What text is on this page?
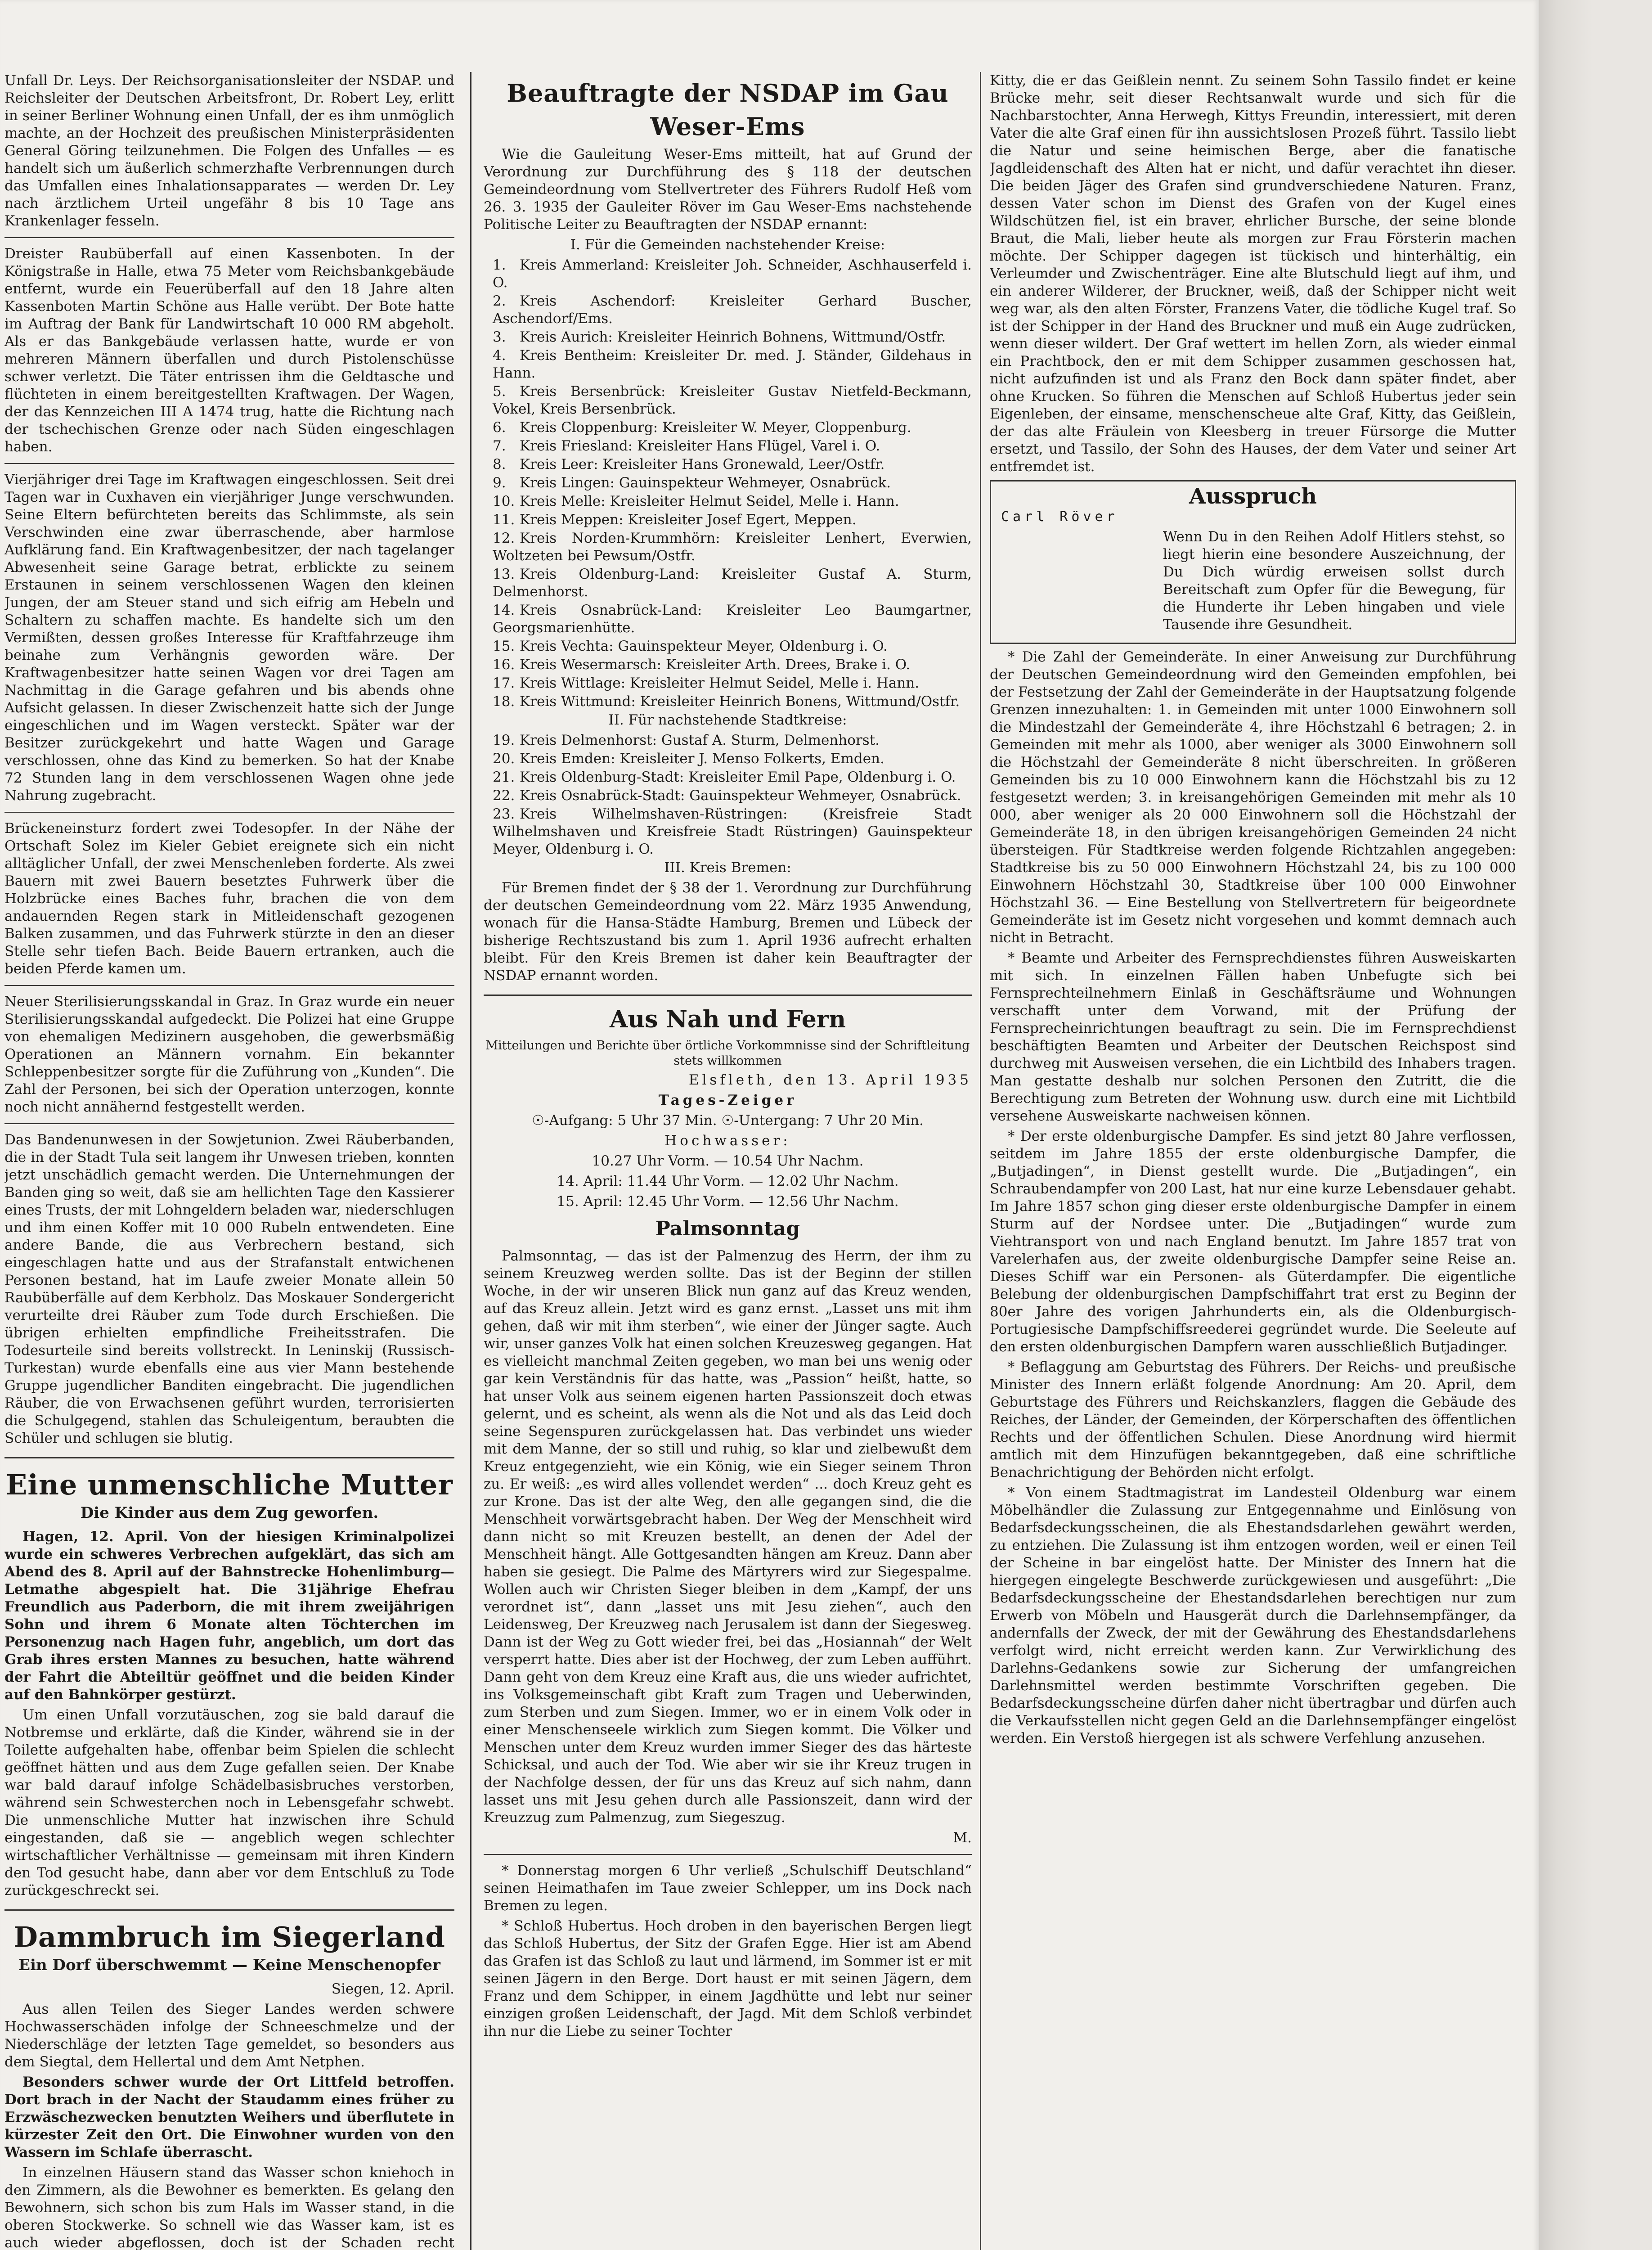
Unfall Dr. Leys. Der Reichsorganisationsleiter der NSDAP. und Reichsleiter der Deutschen Arbeitsfront, Dr. Robert Ley, erlitt in seiner Berliner Wohnung einen Unfall, der es ihm unmöglich machte, an der Hochzeit des preußischen Ministerpräsidenten General Göring teilzunehmen. Die Folgen des Unfalles — es handelt sich um äußerlich schmerzhafte Verbrennungen durch das Umfallen eines Inhalationsapparates — werden Dr. Ley nach ärztlichem Urteil ungefähr 8 bis 10 Tage ans Krankenlager fesseln.

Dreister Raubüberfall auf einen Kassenboten. In der Königstraße in Halle, etwa 75 Meter vom Reichsbankgebäude entfernt, wurde ein Feuerüberfall auf den 18 Jahre alten Kassenboten Martin Schöne aus Halle verübt. Der Bote hatte im Auftrag der Bank für Landwirtschaft 10 000 RM abgeholt. Als er das Bankgebäude verlassen hatte, wurde er von mehreren Männern überfallen und durch Pistolenschüsse schwer verletzt. Die Täter entrissen ihm die Geldtasche und flüchteten in einem bereitgestellten Kraftwagen. Der Wagen, der das Kennzeichen III A 1474 trug, hatte die Richtung nach der tschechischen Grenze oder nach Süden eingeschlagen haben.

Vierjähriger drei Tage im Kraftwagen eingeschlossen. Seit drei Tagen war in Cuxhaven ein vierjähriger Junge verschwunden. Seine Eltern befürchteten bereits das Schlimmste, als sein Verschwinden eine zwar überraschende, aber harmlose Aufklärung fand. Ein Kraftwagenbesitzer, der nach tagelanger Abwesenheit seine Garage betrat, erblickte zu seinem Erstaunen in seinem verschlossenen Wagen den kleinen Jungen, der am Steuer stand und sich eifrig am Hebeln und Schaltern zu schaffen machte. Es handelte sich um den Vermißten, dessen großes Interesse für Kraftfahrzeuge ihm beinahe zum Verhängnis geworden wäre. Der Kraftwagenbesitzer hatte seinen Wagen vor drei Tagen am Nachmittag in die Garage gefahren und bis abends ohne Aufsicht gelassen. In dieser Zwischenzeit hatte sich der Junge eingeschlichen und im Wagen versteckt. Später war der Besitzer zurückgekehrt und hatte Wagen und Garage verschlossen, ohne das Kind zu bemerken. So hat der Knabe 72 Stunden lang in dem verschlossenen Wagen ohne jede Nahrung zugebracht.

Brückeneinsturz fordert zwei Todesopfer. In der Nähe der Ortschaft Solez im Kieler Gebiet ereignete sich ein nicht alltäglicher Unfall, der zwei Menschenleben forderte. Als zwei Bauern mit zwei Bauern besetztes Fuhrwerk über die Holzbrücke eines Baches fuhr, brachen die von dem andauernden Regen stark in Mitleidenschaft gezogenen Balken zusammen, und das Fuhrwerk stürzte in den an dieser Stelle sehr tiefen Bach. Beide Bauern ertranken, auch die beiden Pferde kamen um.

Neuer Sterilisierungsskandal in Graz. In Graz wurde ein neuer Sterilisierungsskandal aufgedeckt. Die Polizei hat eine Gruppe von ehemaligen Medizinern ausgehoben, die gewerbsmäßig Operationen an Männern vornahm. Ein bekannter Schleppenbesitzer sorgte für die Zuführung von „Kunden“. Die Zahl der Personen, bei sich der Operation unterzogen, konnte noch nicht annähernd festgestellt werden.

Das Bandenunwesen in der Sowjetunion. Zwei Räuberbanden, die in der Stadt Tula seit langem ihr Unwesen trieben, konnten jetzt unschädlich gemacht werden. Die Unternehmungen der Banden ging so weit, daß sie am hellichten Tage den Kassierer eines Trusts, der mit Lohngeldern beladen war, niederschlugen und ihm einen Koffer mit 10 000 Rubeln entwendeten. Eine andere Bande, die aus Verbrechern bestand, sich eingeschlagen hatte und aus der Strafanstalt entwichenen Personen bestand, hat im Laufe zweier Monate allein 50 Raubüberfälle auf dem Kerbholz. Das Moskauer Sondergericht verurteilte drei Räuber zum Tode durch Erschießen. Die übrigen erhielten empfindliche Freiheitsstrafen. Die Todesurteile sind bereits vollstreckt. In Leninskij (Russisch-Turkestan) wurde ebenfalls eine aus vier Mann bestehende Gruppe jugendlicher Banditen eingebracht. Die jugendlichen Räuber, die von Erwachsenen geführt wurden, terrorisierten die Schulgegend, stahlen das Schuleigentum, beraubten die Schüler und schlugen sie blutig.

Eine unmenschliche Mutter
Die Kinder aus dem Zug geworfen.

Hagen, 12. April. Von der hiesigen Kriminalpolizei wurde ein schweres Verbrechen aufgeklärt, das sich am Abend des 8. April auf der Bahnstrecke Hohenlimburg—Letmathe abgespielt hat. Die 31jährige Ehefrau Freundlich aus Paderborn, die mit ihrem zweijährigen Sohn und ihrem 6 Monate alten Töchterchen im Personenzug nach Hagen fuhr, angeblich, um dort das Grab ihres ersten Mannes zu besuchen, hatte während der Fahrt die Abteiltür geöffnet und die beiden Kinder auf den Bahnkörper gestürzt.

Um einen Unfall vorzutäuschen, zog sie bald darauf die Notbremse und erklärte, daß die Kinder, während sie in der Toilette aufgehalten habe, offenbar beim Spielen die schlecht geöffnet hätten und aus dem Zuge gefallen seien. Der Knabe war bald darauf infolge Schädelbasisbruches verstorben, während sein Schwesterchen noch in Lebensgefahr schwebt. Die unmenschliche Mutter hat inzwischen ihre Schuld eingestanden, daß sie — angeblich wegen schlechter wirtschaftlicher Verhältnisse — gemeinsam mit ihren Kindern den Tod gesucht habe, dann aber vor dem Entschluß zu Tode zurückgeschreckt sei.

Dammbruch im Siegerland
Ein Dorf überschwemmt — Keine Menschenopfer

Siegen, 12. April.

Aus allen Teilen des Sieger Landes werden schwere Hochwasserschäden infolge der Schneeschmelze und der Niederschläge der letzten Tage gemeldet, so besonders aus dem Siegtal, dem Hellertal und dem Amt Netphen.

Besonders schwer wurde der Ort Littfeld betroffen. Dort brach in der Nacht der Staudamm eines früher zu Erzwäschezwecken benutzten Weihers und überflutete in kürzester Zeit den Ort. Die Einwohner wurden von den Wassern im Schlafe überrascht.

In einzelnen Häusern stand das Wasser schon kniehoch in den Zimmern, als die Bewohner es bemerkten. Es gelang den Bewohnern, sich schon bis zum Hals im Wasser stand, in die oberen Stockwerke. So schnell wie das Wasser kam, ist es auch wieder abgeflossen, doch ist der Schaden recht

Beauftragte der NSDAP im Gau Weser-Ems

Wie die Gauleitung Weser-Ems mitteilt, hat auf Grund der Verordnung zur Durchführung des § 118 der deutschen Gemeindeordnung vom Stellvertreter des Führers Rudolf Heß vom 26. 3. 1935 der Gauleiter Röver im Gau Weser-Ems nachstehende Politische Leiter zu Beauftragten der NSDAP ernannt:

I. Für die Gemeinden nachstehender Kreise:

1. Kreis Ammerland: Kreisleiter Joh. Schneider, Aschhauserfeld i. O.

2. Kreis Aschendorf: Kreisleiter Gerhard Buscher, Aschendorf/Ems.

3. Kreis Aurich: Kreisleiter Heinrich Bohnens, Wittmund/Ostfr.

4. Kreis Bentheim: Kreisleiter Dr. med. J. Ständer, Gildehaus in Hann.

5. Kreis Bersenbrück: Kreisleiter Gustav Nietfeld-Beckmann, Vokel, Kreis Bersenbrück.

6. Kreis Cloppenburg: Kreisleiter W. Meyer, Cloppenburg.

7. Kreis Friesland: Kreisleiter Hans Flügel, Varel i. O.

8. Kreis Leer: Kreisleiter Hans Gronewald, Leer/Ostfr.

9. Kreis Lingen: Gauinspekteur Wehmeyer, Osnabrück.

10. Kreis Melle: Kreisleiter Helmut Seidel, Melle i. Hann.

11. Kreis Meppen: Kreisleiter Josef Egert, Meppen.

12. Kreis Norden-Krummhörn: Kreisleiter Lenhert, Everwien, Woltzeten bei Pewsum/Ostfr.

13. Kreis Oldenburg-Land: Kreisleiter Gustaf A. Sturm, Delmenhorst.

14. Kreis Osnabrück-Land: Kreisleiter Leo Baumgartner, Georgsmarienhütte.

15. Kreis Vechta: Gauinspekteur Meyer, Oldenburg i. O.

16. Kreis Wesermarsch: Kreisleiter Arth. Drees, Brake i. O.

17. Kreis Wittlage: Kreisleiter Helmut Seidel, Melle i. Hann.

18. Kreis Wittmund: Kreisleiter Heinrich Bonens, Wittmund/Ostfr.

II. Für nachstehende Stadtkreise:

19. Kreis Delmenhorst: Gustaf A. Sturm, Delmenhorst.

20. Kreis Emden: Kreisleiter J. Menso Folkerts, Emden.

21. Kreis Oldenburg-Stadt: Kreisleiter Emil Pape, Oldenburg i. O.

22. Kreis Osnabrück-Stadt: Gauinspekteur Wehmeyer, Osnabrück.

23. Kreis Wilhelmshaven-Rüstringen: (Kreisfreie Stadt Wilhelmshaven und Kreisfreie Stadt Rüstringen) Gauinspekteur Meyer, Oldenburg i. O.

III. Kreis Bremen:

Für Bremen findet der § 38 der 1. Verordnung zur Durchführung der deutschen Gemeindeordnung vom 22. März 1935 Anwendung, wonach für die Hansa-Städte Hamburg, Bremen und Lübeck der bisherige Rechtszustand bis zum 1. April 1936 aufrecht erhalten bleibt. Für den Kreis Bremen ist daher kein Beauftragter der NSDAP ernannt worden.

Aus Nah und Fern

Mitteilungen und Berichte über örtliche Vorkommnisse sind der Schriftleitung stets willkommen

Elsfleth, den 13. April 1935

Tages-Zeiger

☉-Aufgang: 5 Uhr 37 Min. ☉-Untergang: 7 Uhr 20 Min.

Hochwasser:

10.27 Uhr Vorm. — 10.54 Uhr Nachm.

14. April: 11.44 Uhr Vorm. — 12.02 Uhr Nachm.

15. April: 12.45 Uhr Vorm. — 12.56 Uhr Nachm.

Palmsonntag

Palmsonntag, — das ist der Palmenzug des Herrn, der ihm zu seinem Kreuzweg werden sollte. Das ist der Beginn der stillen Woche, in der wir unseren Blick nun ganz auf das Kreuz wenden, auf das Kreuz allein. Jetzt wird es ganz ernst. „Lasset uns mit ihm gehen, daß wir mit ihm sterben“, wie einer der Jünger sagte. Auch wir, unser ganzes Volk hat einen solchen Kreuzesweg gegangen. Hat es vielleicht manchmal Zeiten gegeben, wo man bei uns wenig oder gar kein Verständnis für das hatte, was „Passion“ heißt, hatte, so hat unser Volk aus seinem eigenen harten Passionszeit doch etwas gelernt, und es scheint, als wenn als die Not und als das Leid doch seine Segenspuren zurückgelassen hat. Das verbindet uns wieder mit dem Manne, der so still und ruhig, so klar und zielbewußt dem Kreuz entgegenzieht, wie ein König, wie ein Sieger seinem Thron zu. Er weiß: „es wird alles vollendet werden“ ... doch Kreuz geht es zur Krone. Das ist der alte Weg, den alle gegangen sind, die die Menschheit vorwärtsgebracht haben. Der Weg der Menschheit wird dann nicht so mit Kreuzen bestellt, an denen der Adel der Menschheit hängt. Alle Gottgesandten hängen am Kreuz. Dann aber haben sie gesiegt. Die Palme des Märtyrers wird zur Siegespalme. Wollen auch wir Christen Sieger bleiben in dem „Kampf, der uns verordnet ist“, dann „lasset uns mit Jesu ziehen“, auch den Leidensweg, Der Kreuzweg nach Jerusalem ist dann der Siegesweg. Dann ist der Weg zu Gott wieder frei, bei das „Hosiannah“ der Welt versperrt hatte. Dies aber ist der Hochweg, der zum Leben aufführt. Dann geht von dem Kreuz eine Kraft aus, die uns wieder aufrichtet, ins Volksgemeinschaft gibt Kraft zum Tragen und Ueberwinden, zum Sterben und zum Siegen. Immer, wo er in einem Volk oder in einer Menschenseele wirklich zum Siegen kommt. Die Völker und Menschen unter dem Kreuz wurden immer Sieger des das härteste Schicksal, und auch der Tod. Wie aber wir sie ihr Kreuz trugen in der Nachfolge dessen, der für uns das Kreuz auf sich nahm, dann lasset uns mit Jesu gehen durch alle Passionszeit, dann wird der Kreuzzug zum Palmenzug, zum Siegeszug.

M.

* Donnerstag morgen 6 Uhr verließ „Schulschiff Deutschland“ seinen Heimathafen im Taue zweier Schlepper, um ins Dock nach Bremen zu legen.

* Schloß Hubertus. Hoch droben in den bayerischen Bergen liegt das Schloß Hubertus, der Sitz der Grafen Egge. Hier ist am Abend das Grafen ist das Schloß zu laut und lärmend, im Sommer ist er mit seinen Jägern in den Berge. Dort haust er mit seinen Jägern, dem Franz und dem Schipper, in einem Jagdhütte und lebt nur seiner einzigen großen Leidenschaft, der Jagd. Mit dem Schloß verbindet ihn nur die Liebe zu seiner Tochter

Kitty, die er das Geißlein nennt. Zu seinem Sohn Tassilo findet er keine Brücke mehr, seit dieser Rechtsanwalt wurde und sich für die Nachbarstochter, Anna Herwegh, Kittys Freundin, interessiert, mit deren Vater die alte Graf einen für ihn aussichtslosen Prozeß führt. Tassilo liebt die Natur und seine heimischen Berge, aber die fanatische Jagdleidenschaft des Alten hat er nicht, und dafür verachtet ihn dieser. Die beiden Jäger des Grafen sind grundverschiedene Naturen. Franz, dessen Vater schon im Dienst des Grafen von der Kugel eines Wildschützen fiel, ist ein braver, ehrlicher Bursche, der seine blonde Braut, die Mali, lieber heute als morgen zur Frau Försterin machen möchte. Der Schipper dagegen ist tückisch und hinterhältig, ein Verleumder und Zwischenträger. Eine alte Blutschuld liegt auf ihm, und ein anderer Wilderer, der Bruckner, weiß, daß der Schipper nicht weit weg war, als den alten Förster, Franzens Vater, die tödliche Kugel traf. So ist der Schipper in der Hand des Bruckner und muß ein Auge zudrücken, wenn dieser wildert. Der Graf wettert im hellen Zorn, als wieder einmal ein Prachtbock, den er mit dem Schipper zusammen geschossen hat, nicht aufzufinden ist und als Franz den Bock dann später findet, aber ohne Krucken. So führen die Menschen auf Schloß Hubertus jeder sein Eigenleben, der einsame, menschenscheue alte Graf, Kitty, das Geißlein, der das alte Fräulein von Kleesberg in treuer Fürsorge die Mutter ersetzt, und Tassilo, der Sohn des Hauses, der dem Vater und seiner Art entfremdet ist.

Ausspruch

Carl Röver

Wenn Du in den Reihen Adolf Hitlers stehst, so liegt hierin eine besondere Auszeichnung, der Du Dich würdig erweisen sollst durch Bereitschaft zum Opfer für die Bewegung, für die Hunderte ihr Leben hingaben und viele Tausende ihre Gesundheit.

* Die Zahl der Gemeinderäte. In einer Anweisung zur Durchführung der Deutschen Gemeindeordnung wird den Gemeinden empfohlen, bei der Festsetzung der Zahl der Gemeinderäte in der Hauptsatzung folgende Grenzen innezuhalten: 1. in Gemeinden mit unter 1000 Einwohnern soll die Mindestzahl der Gemeinderäte 4, ihre Höchstzahl 6 betragen; 2. in Gemeinden mit mehr als 1000, aber weniger als 3000 Einwohnern soll die Höchstzahl der Gemeinderäte 8 nicht überschreiten. In größeren Gemeinden bis zu 10 000 Einwohnern kann die Höchstzahl bis zu 12 festgesetzt werden; 3. in kreisangehörigen Gemeinden mit mehr als 10 000, aber weniger als 20 000 Einwohnern soll die Höchstzahl der Gemeinderäte 18, in den übrigen kreisangehörigen Gemeinden 24 nicht übersteigen. Für Stadtkreise werden folgende Richtzahlen angegeben: Stadtkreise bis zu 50 000 Einwohnern Höchstzahl 24, bis zu 100 000 Einwohnern Höchstzahl 30, Stadtkreise über 100 000 Einwohner Höchstzahl 36. — Eine Bestellung von Stellvertretern für beigeordnete Gemeinderäte ist im Gesetz nicht vorgesehen und kommt demnach auch nicht in Betracht.

* Beamte und Arbeiter des Fernsprechdienstes führen Ausweiskarten mit sich. In einzelnen Fällen haben Unbefugte sich bei Fernsprechteilnehmern Einlaß in Geschäftsräume und Wohnungen verschafft unter dem Vorwand, mit der Prüfung der Fernsprecheinrichtungen beauftragt zu sein. Die im Fernsprechdienst beschäftigten Beamten und Arbeiter der Deutschen Reichspost sind durchweg mit Ausweisen versehen, die ein Lichtbild des Inhabers tragen. Man gestatte deshalb nur solchen Personen den Zutritt, die die Berechtigung zum Betreten der Wohnung usw. durch eine mit Lichtbild versehene Ausweiskarte nachweisen können.

* Der erste oldenburgische Dampfer. Es sind jetzt 80 Jahre verflossen, seitdem im Jahre 1855 der erste oldenburgische Dampfer, die „Butjadingen“, in Dienst gestellt wurde. Die „Butjadingen“, ein Schraubendampfer von 200 Last, hat nur eine kurze Lebensdauer gehabt. Im Jahre 1857 schon ging dieser erste oldenburgische Dampfer in einem Sturm auf der Nordsee unter. Die „Butjadingen“ wurde zum Viehtransport von und nach England benutzt. Im Jahre 1857 trat von Varelerhafen aus, der zweite oldenburgische Dampfer seine Reise an. Dieses Schiff war ein Personen- als Güterdampfer. Die eigentliche Belebung der oldenburgischen Dampfschiffahrt trat erst zu Beginn der 80er Jahre des vorigen Jahrhunderts ein, als die Oldenburgisch-Portugiesische Dampfschiffsreederei gegründet wurde. Die Seeleute auf den ersten oldenburgischen Dampfern waren ausschließlich Butjadinger.

* Beflaggung am Geburtstag des Führers. Der Reichs- und preußische Minister des Innern erläßt folgende Anordnung: Am 20. April, dem Geburtstage des Führers und Reichskanzlers, flaggen die Gebäude des Reiches, der Länder, der Gemeinden, der Körperschaften des öffentlichen Rechts und der öffentlichen Schulen. Diese Anordnung wird hiermit amtlich mit dem Hinzufügen bekanntgegeben, daß eine schriftliche Benachrichtigung der Behörden nicht erfolgt.

* Von einem Stadtmagistrat im Landesteil Oldenburg war einem Möbelhändler die Zulassung zur Entgegennahme und Einlösung von Bedarfsdeckungsscheinen, die als Ehestandsdarlehen gewährt werden, zu entziehen. Die Zulassung ist ihm entzogen worden, weil er einen Teil der Scheine in bar eingelöst hatte. Der Minister des Innern hat die hiergegen eingelegte Beschwerde zurückgewiesen und ausgeführt: „Die Bedarfsdeckungsscheine der Ehestandsdarlehen berechtigen nur zum Erwerb von Möbeln und Hausgerät durch die Darlehnsempfänger, da andernfalls der Zweck, der mit der Gewährung des Ehestandsdarlehens verfolgt wird, nicht erreicht werden kann. Zur Verwirklichung des Darlehns-Gedankens sowie zur Sicherung der umfangreichen Darlehnsmittel werden bestimmte Vorschriften gegeben. Die Bedarfsdeckungsscheine dürfen daher nicht übertragbar und dürfen auch die Verkaufsstellen nicht gegen Geld an die Darlehnsempfänger eingelöst werden. Ein Verstoß hiergegen ist als schwere Verfehlung anzusehen.
